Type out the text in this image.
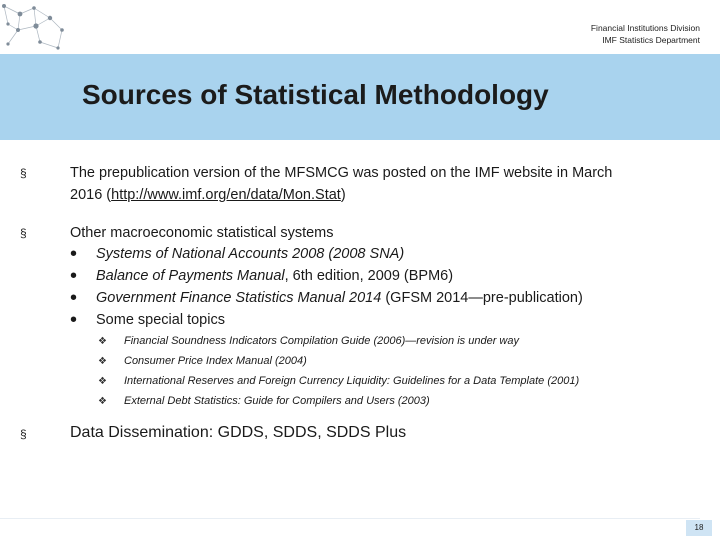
Financial Institutions Division
IMF Statistics Department
Sources of Statistical Methodology
§	The prepublication version of the MFSMCG was posted on the IMF website in March
2016 (http://www.imf.org/en/data/Mon.Stat)
§	Other macroeconomic statistical systems
• Systems of National Accounts 2008 (2008 SNA)
• Balance of Payments Manual, 6th edition, 2009 (BPM6)
• Government Finance Statistics Manual 2014 (GFSM 2014—pre-publication)
• Some special topics
❖ Financial Soundness Indicators Compilation Guide (2006)—revision is under way
❖ Consumer Price Index Manual (2004)
❖ International Reserves and Foreign Currency Liquidity: Guidelines for a Data Template (2001)
❖ External Debt Statistics: Guide for Compilers and Users (2003)
§	Data Dissemination: GDDS, SDDS, SDDS Plus
18
